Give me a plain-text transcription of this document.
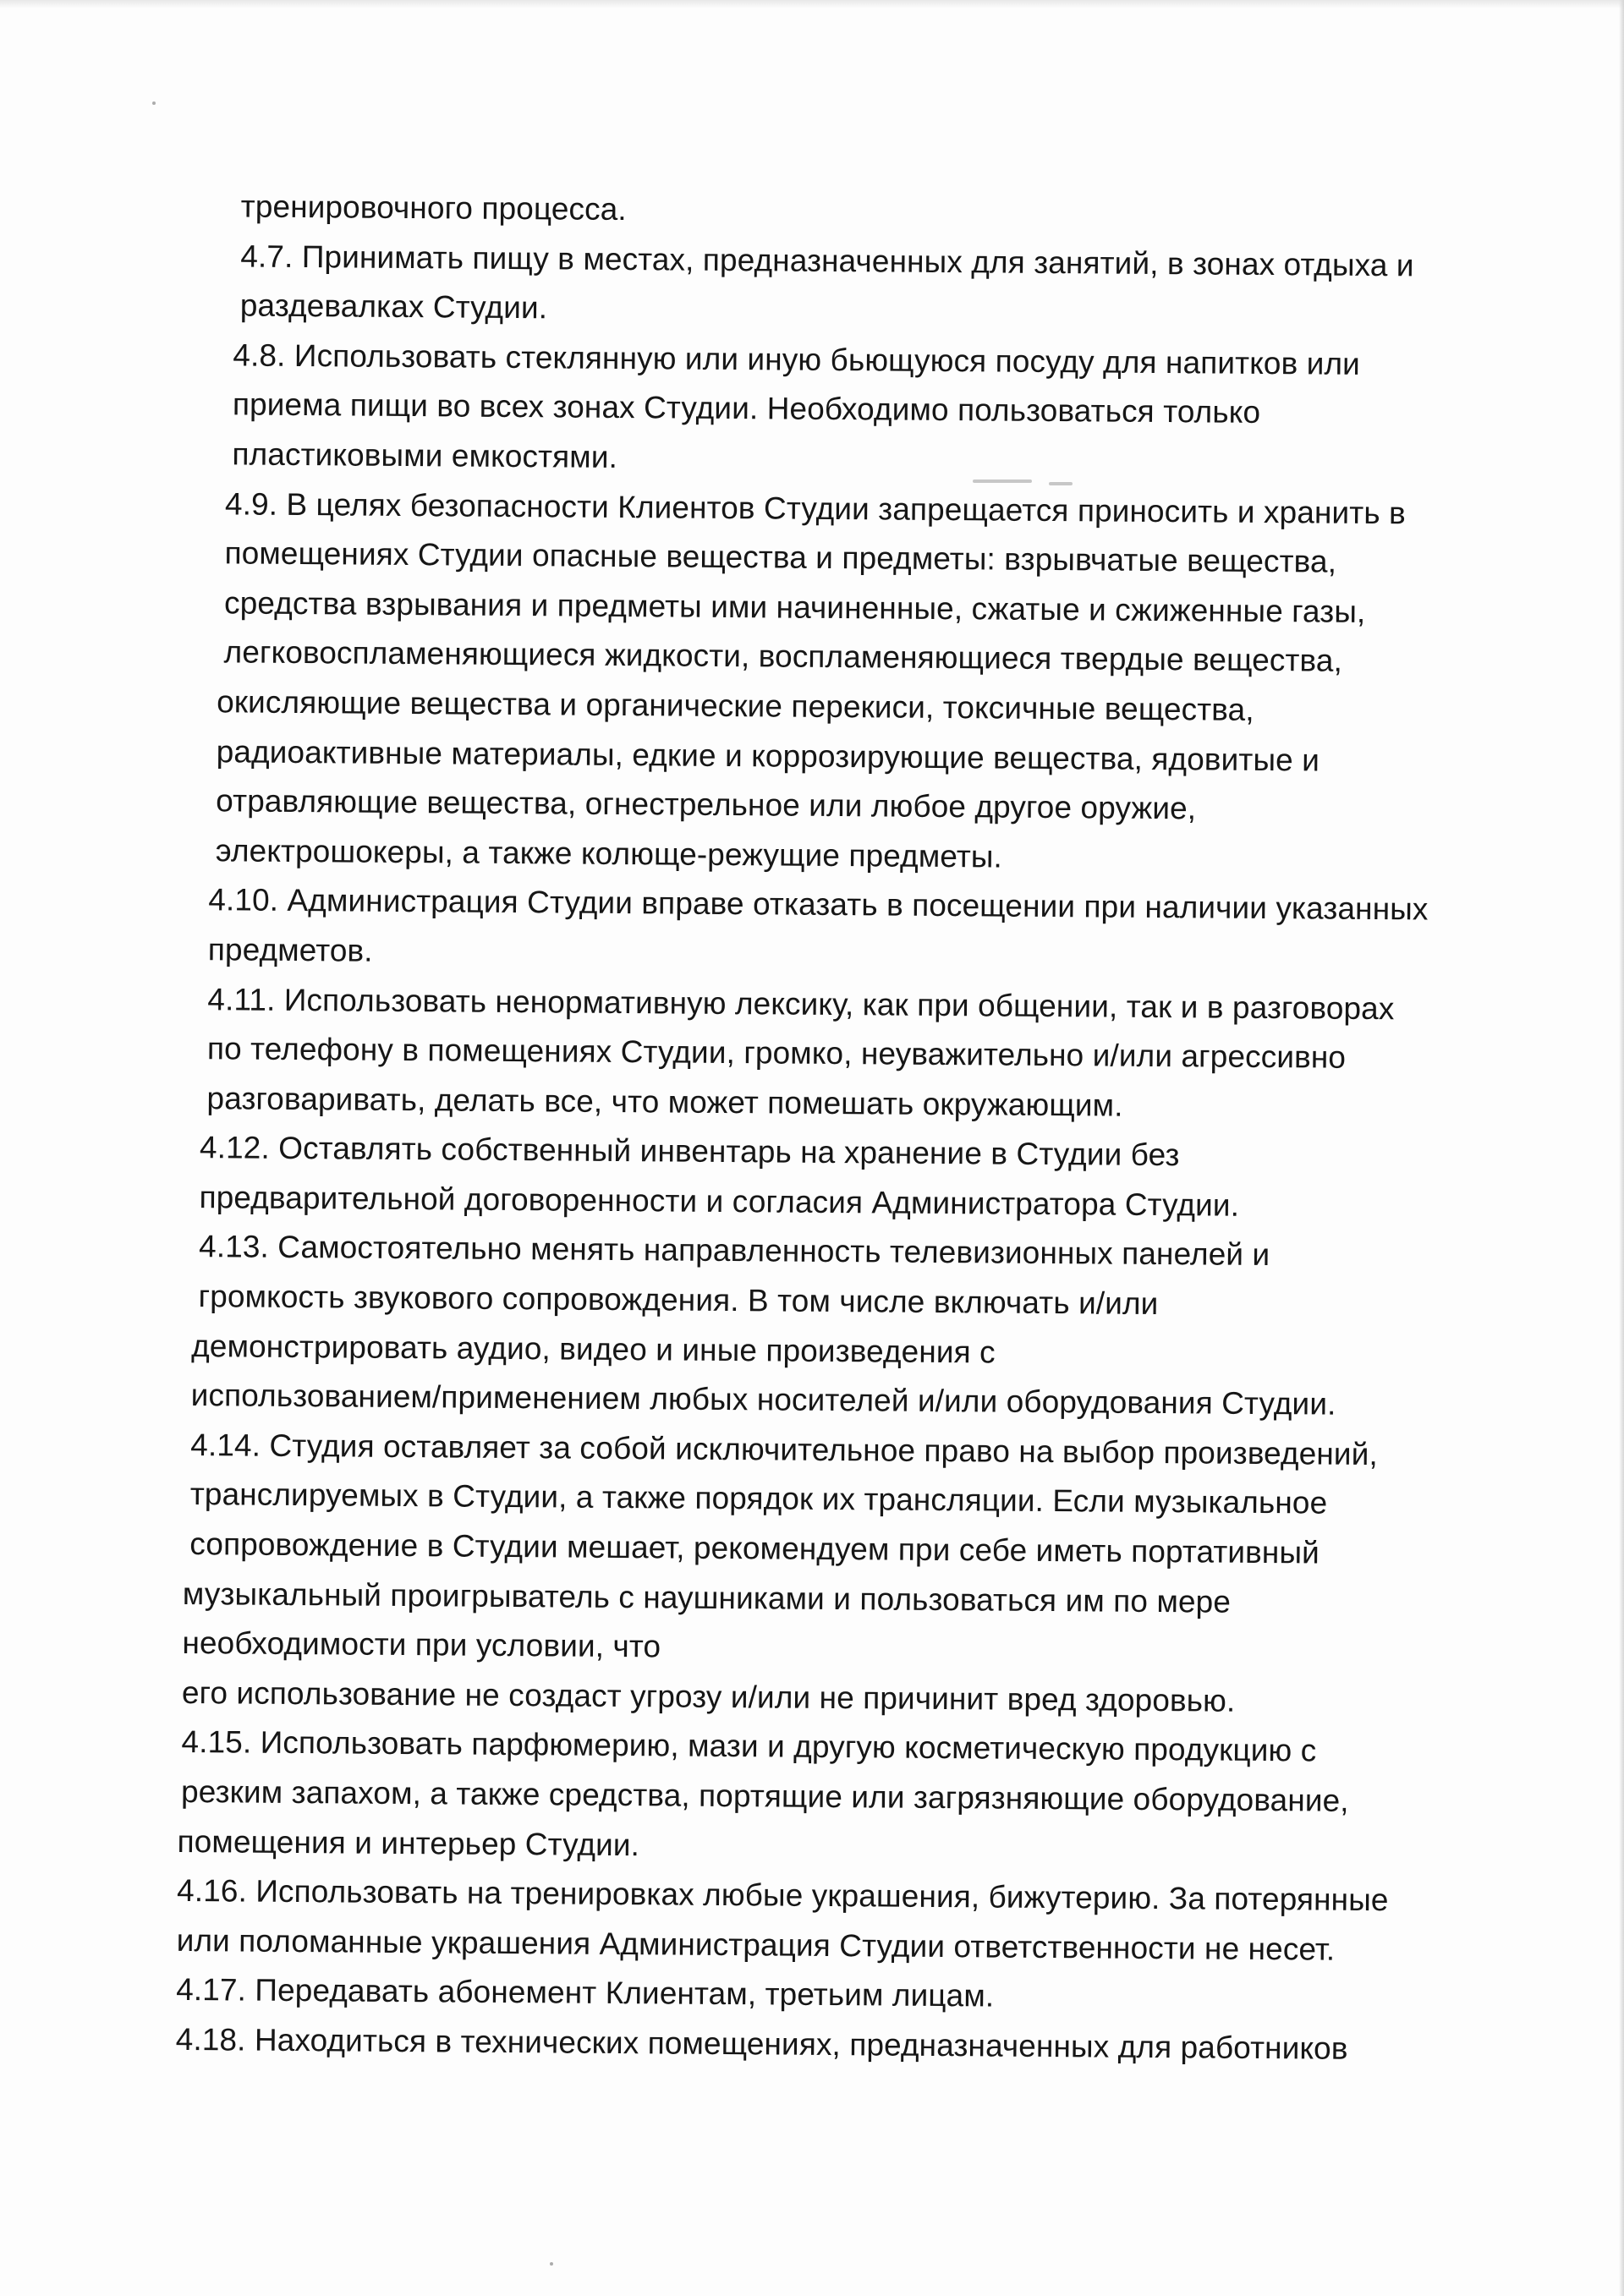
тренировочного процесса.
4.7. Принимать пищу в местах, предназначенных для занятий, в зонах отдыха и
раздевалках Студии.
4.8. Использовать стеклянную или иную бьющуюся посуду для напитков или
приема пищи во всех зонах Студии. Необходимо пользоваться только
пластиковыми емкостями.
4.9. В целях безопасности Клиентов Студии запрещается приносить и хранить в
помещениях Студии опасные вещества и предметы: взрывчатые вещества,
средства взрывания и предметы ими начиненные, сжатые и сжиженные газы,
легковоспламеняющиеся жидкости, воспламеняющиеся твердые вещества,
окисляющие вещества и органические перекиси, токсичные вещества,
радиоактивные материалы, едкие и коррозирующие вещества, ядовитые и
отравляющие вещества, огнестрельное или любое другое оружие,
электрошокеры, а также колюще-режущие предметы.
4.10. Администрация Студии вправе отказать в посещении при наличии указанных
предметов.
4.11. Использовать ненормативную лексику, как при общении, так и в разговорах
по телефону в помещениях Студии, громко, неуважительно и/или агрессивно
разговаривать, делать все, что может помешать окружающим.
4.12. Оставлять собственный инвентарь на хранение в Студии без
предварительной договоренности и согласия Администратора Студии.
4.13. Самостоятельно менять направленность телевизионных панелей и
громкость звукового сопровождения. В том числе включать и/или
демонстрировать аудио, видео и иные произведения с
использованием/применением любых носителей и/или оборудования Студии.
4.14. Студия оставляет за собой исключительное право на выбор произведений,
транслируемых в Студии, а также порядок их трансляции. Если музыкальное
сопровождение в Студии мешает, рекомендуем при себе иметь портативный
музыкальный проигрыватель с наушниками и пользоваться им по мере
необходимости при условии, что
его использование не создаст угрозу и/или не причинит вред здоровью.
4.15. Использовать парфюмерию, мази и другую косметическую продукцию с
резким запахом, а также средства, портящие или загрязняющие оборудование,
помещения и интерьер Студии.
4.16. Использовать на тренировках любые украшения, бижутерию. За потерянные
или поломанные украшения Администрация Студии ответственности не несет.
4.17. Передавать абонемент Клиентам, третьим лицам.
4.18. Находиться в технических помещениях, предназначенных для работников
